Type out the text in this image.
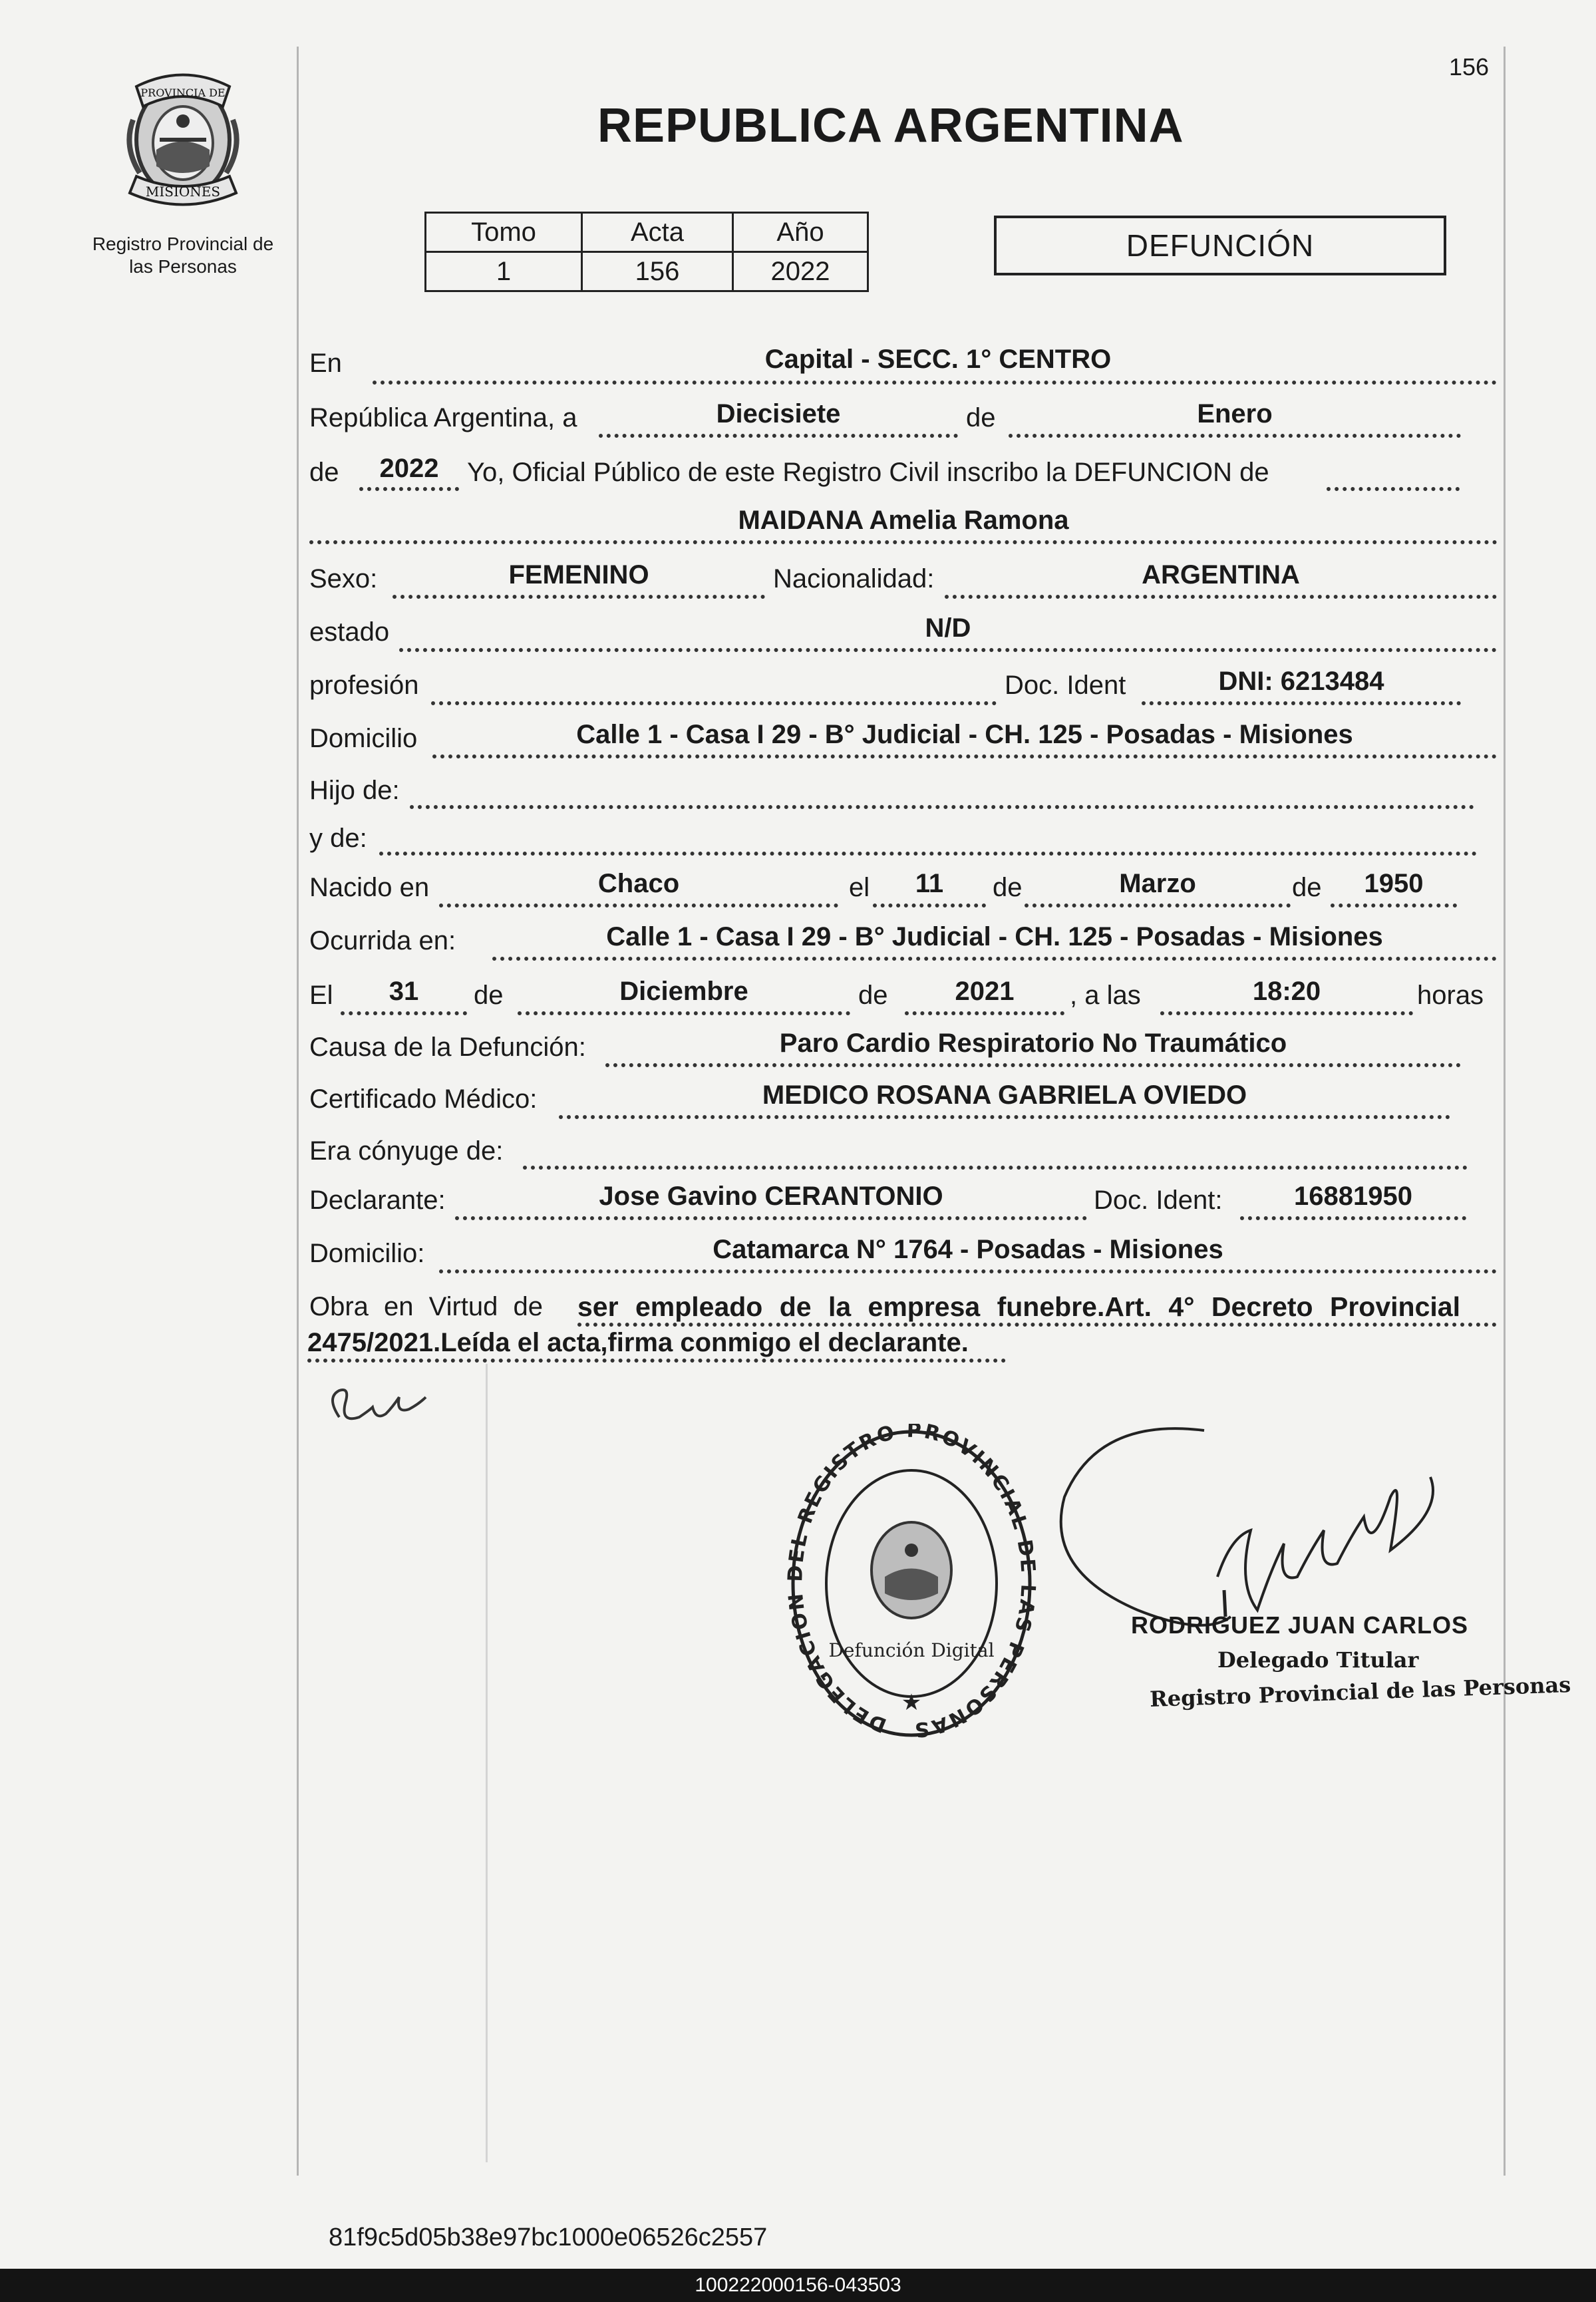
156
PROVINCIA DE
MISIONES
Registro Provincial de
las Personas
REPUBLICA ARGENTINA
Tomo	Acta	Año
1	156	2022
DEFUNCIÓN
En	Capital - SECC. 1° CENTRO
República Argentina, a	Diecisiete	de	Enero
de	2022	Yo, Oficial Público de este Registro Civil inscribo la DEFUNCION de
MAIDANA Amelia Ramona
Sexo:	FEMENINO	Nacionalidad:	ARGENTINA
estado	N/D
profesión	Doc. Ident	DNI: 6213484
Domicilio	Calle 1 - Casa I 29 - B° Judicial - CH. 125 - Posadas - Misiones
Hijo de:
y de:
Nacido en	Chaco	el	11	de	Marzo	de	1950
Ocurrida en:	Calle 1 - Casa I 29 - B° Judicial - CH. 125 - Posadas - Misiones
El	31	de	Diciembre	de	2021	, a las	18:20	horas
Causa de la Defunción:	Paro Cardio Respiratorio No Traumático
Certificado Médico:	MEDICO ROSANA GABRIELA OVIEDO
Era cónyuge de:
Declarante:	Jose Gavino CERANTONIO	Doc. Ident:	16881950
Domicilio:	Catamarca N° 1764 - Posadas - Misiones
Obra en Virtud de ser empleado de la empresa funebre.Art. 4° Decreto Provincial
2475/2021.Leída el acta,firma conmigo el declarante.
DELEGACION DEL REGISTRO PROVINCIAL DE LAS PERSONAS
Defunción Digital
★
RODRIGUEZ JUAN CARLOS
Delegado Titular
Registro Provincial de las Personas
81f9c5d05b38e97bc1000e06526c2557
100222000156-043503
